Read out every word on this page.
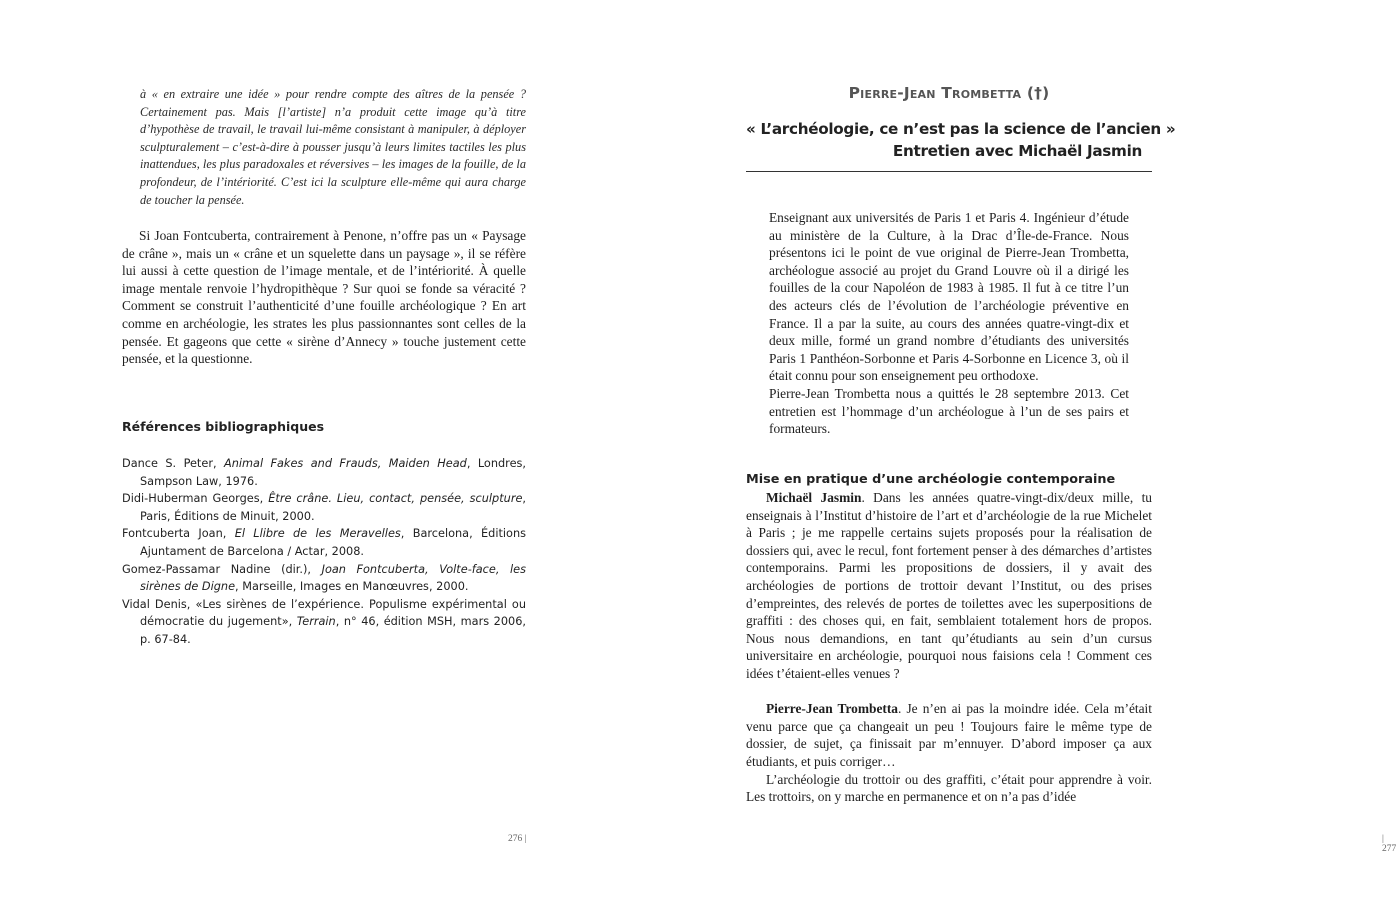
à « en extraire une idée » pour rendre compte des aîtres de la pensée ? Certainement pas. Mais [l’artiste] n’a produit cette image qu’à titre d’hypothèse de travail, le travail lui-même consistant à manipuler, à déployer sculpturalement – c’est-à-dire à pousser jusqu’à leurs limites tactiles les plus inattendues, les plus paradoxales et réversives – les images de la fouille, de la profondeur, de l’intériorité. C’est ici la sculpture elle-même qui aura charge de toucher la pensée.

Si Joan Fontcuberta, contrairement à Penone, n’offre pas un « Paysage de crâne », mais un « crâne et un squelette dans un paysage », il se réfère lui aussi à cette question de l’image mentale, et de l’intériorité. À quelle image mentale renvoie l’hydropithèque ? Sur quoi se fonde sa véracité ? Comment se construit l’authenticité d’une fouille archéologique ? En art comme en archéologie, les strates les plus passionnantes sont celles de la pensée. Et gageons que cette « sirène d’Annecy » touche justement cette pensée, et la questionne.

Références bibliographiques
Dance S. Peter, Animal Fakes and Frauds, Maiden Head, Londres, Sampson Law, 1976.
Didi-Huberman Georges, Être crâne. Lieu, contact, pensée, sculpture, Paris, Éditions de Minuit, 2000.
Fontcuberta Joan, El Llibre de les Meravelles, Barcelona, Éditions Ajuntament de Barcelona / Actar, 2008.
Gomez-Passamar Nadine (dir.), Joan Fontcuberta, Volte-face, les sirènes de Digne, Marseille, Images en Manœuvres, 2000.
Vidal Denis, «Les sirènes de l’expérience. Populisme expérimental ou démocratie du jugement», Terrain, n° 46, édition MSH, mars 2006, p. 67-84.
276 |
Pierre-Jean Trombetta (†)
« L’archéologie, ce n’est pas la science de l’ancien »
Entretien avec Michaël Jasmin

Enseignant aux universités de Paris 1 et Paris 4. Ingénieur d’étude au ministère de la Culture, à la Drac d’Île-de-France. Nous présentons ici le point de vue original de Pierre-Jean Trombetta, archéologue associé au projet du Grand Louvre où il a dirigé les fouilles de la cour Napoléon de 1983 à 1985. Il fut à ce titre l’un des acteurs clés de l’évolution de l’archéologie préventive en France. Il a par la suite, au cours des années quatre-vingt-dix et deux mille, formé un grand nombre d’étudiants des universités Paris 1 Panthéon-Sorbonne et Paris 4-Sorbonne en Licence 3, où il était connu pour son enseignement peu orthodoxe.

Pierre-Jean Trombetta nous a quittés le 28 septembre 2013. Cet entretien est l’hommage d’un archéologue à l’un de ses pairs et formateurs.

Mise en pratique d’une archéologie contemporaine

Michaël Jasmin. Dans les années quatre-vingt-dix/deux mille, tu enseignais à l’Institut d’histoire de l’art et d’archéologie de la rue Michelet à Paris ; je me rappelle certains sujets proposés pour la réalisation de dossiers qui, avec le recul, font fortement penser à des démarches d’artistes contemporains. Parmi les propositions de dossiers, il y avait des archéologies de portions de trottoir devant l’Institut, ou des prises d’empreintes, des relevés de portes de toilettes avec les superpositions de graffiti : des choses qui, en fait, semblaient totalement hors de propos. Nous nous demandions, en tant qu’étudiants au sein d’un cursus universitaire en archéologie, pourquoi nous faisions cela ! Comment ces idées t’étaient-elles venues ?

Pierre-Jean Trombetta. Je n’en ai pas la moindre idée. Cela m’était venu parce que ça changeait un peu ! Toujours faire le même type de dossier, de sujet, ça finissait par m’ennuyer. D’abord imposer ça aux étudiants, et puis corriger…

L’archéologie du trottoir ou des graffiti, c’était pour apprendre à voir. Les trottoirs, on y marche en permanence et on n’a pas d’idée

| 277
